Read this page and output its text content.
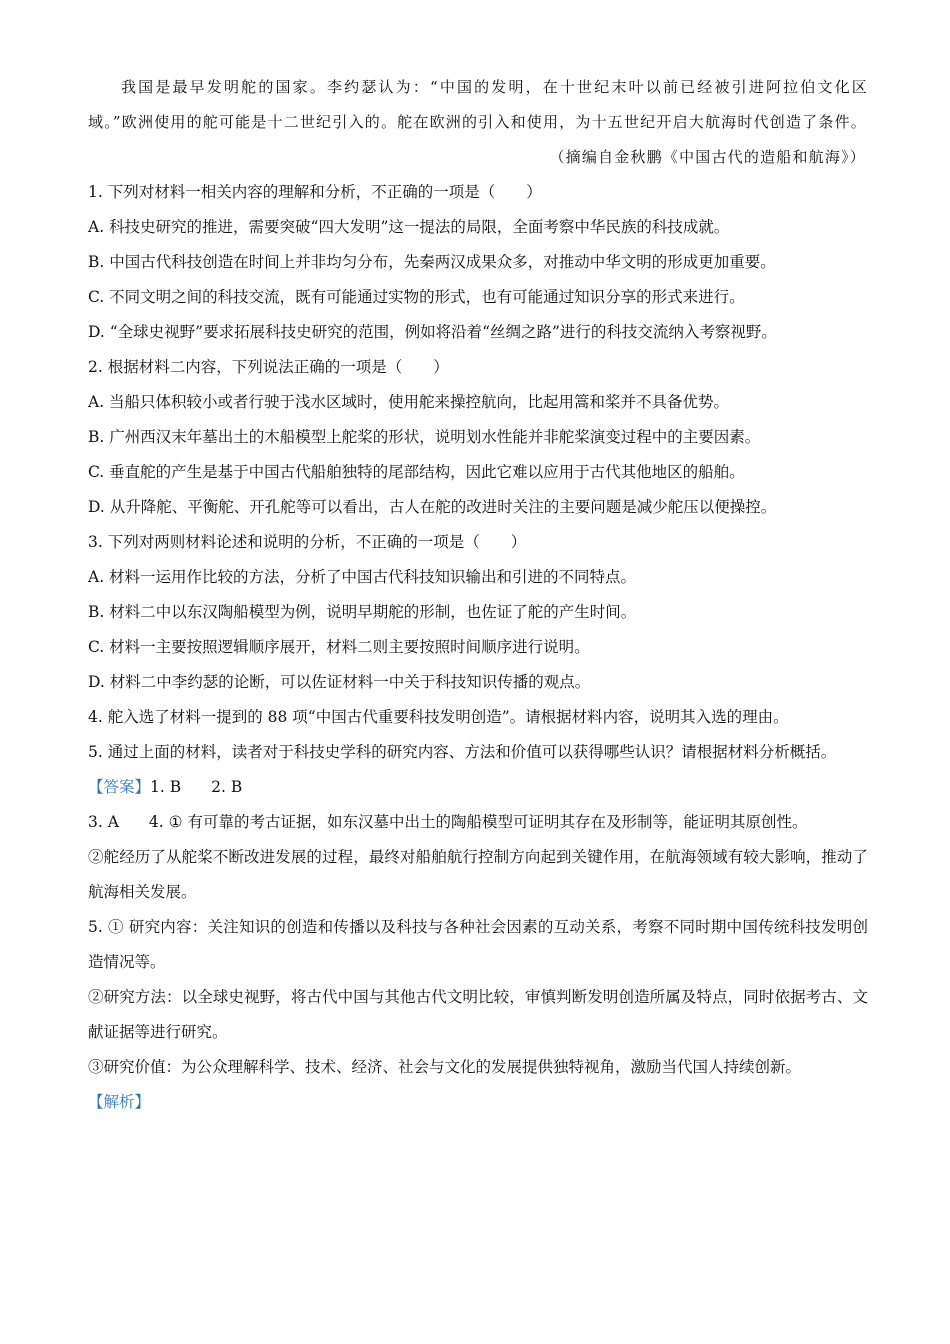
我国是最早发明舵的国家。李约瑟认为：“中国的发明，在十世纪末叶以前已经被引进阿拉伯文化区域。”欧洲使用的舵可能是十二世纪引入的。舵在欧洲的引入和使用，为十五世纪开启大航海时代创造了条件。

（摘编自金秋鹏《中国古代的造船和航海》）

1. 下列对材料一相关内容的理解和分析，不正确的一项是（　　）

A. 科技史研究的推进，需要突破“四大发明”这一提法的局限，全面考察中华民族的科技成就。

B. 中国古代科技创造在时间上并非均匀分布，先秦两汉成果众多，对推动中华文明的形成更加重要。

C. 不同文明之间的科技交流，既有可能通过实物的形式，也有可能通过知识分享的形式来进行。

D. “全球史视野”要求拓展科技史研究的范围，例如将沿着“丝绸之路”进行的科技交流纳入考察视野。

2. 根据材料二内容，下列说法正确的一项是（　　）

A. 当船只体积较小或者行驶于浅水区域时，使用舵来操控航向，比起用篙和桨并不具备优势。

B. 广州西汉末年墓出土的木船模型上舵桨的形状，说明划水性能并非舵桨演变过程中的主要因素。

C. 垂直舵的产生是基于中国古代船舶独特的尾部结构，因此它难以应用于古代其他地区的船舶。

D. 从升降舵、平衡舵、开孔舵等可以看出，古人在舵的改进时关注的主要问题是减少舵压以便操控。

3. 下列对两则材料论述和说明的分析，不正确的一项是（　　）

A. 材料一运用作比较的方法，分析了中国古代科技知识输出和引进的不同特点。

B. 材料二中以东汉陶船模型为例，说明早期舵的形制，也佐证了舵的产生时间。

C. 材料一主要按照逻辑顺序展开，材料二则主要按照时间顺序进行说明。

D. 材料二中李约瑟的论断，可以佐证材料一中关于科技知识传播的观点。

4. 舵入选了材料一提到的 88 项“中国古代重要科技发明创造”。请根据材料内容，说明其入选的理由。

5. 通过上面的材料，读者对于科技史学科的研究内容、方法和价值可以获得哪些认识？请根据材料分析概括。

【答案】1. B 2. B

3. A 4. ① 有可靠的考古证据，如东汉墓中出土的陶船模型可证明其存在及形制等，能证明其原创性。

②舵经历了从舵桨不断改进发展的过程，最终对船舶航行控制方向起到关键作用，在航海领域有较大影响，推动了航海相关发展。

5. ① 研究内容：关注知识的创造和传播以及科技与各种社会因素的互动关系，考察不同时期中国传统科技发明创造情况等。

②研究方法：以全球史视野，将古代中国与其他古代文明比较，审慎判断发明创造所属及特点，同时依据考古、文献证据等进行研究。

③研究价值：为公众理解科学、技术、经济、社会与文化的发展提供独特视角，激励当代国人持续创新。

【解析】
